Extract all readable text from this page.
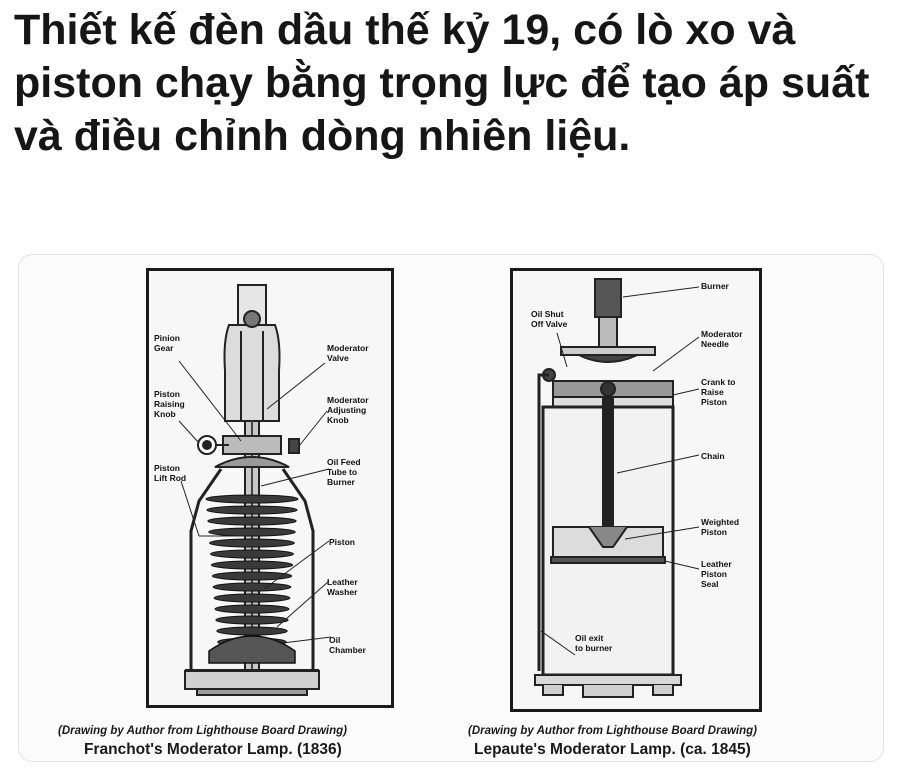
Thiết kế đèn dầu thế kỷ 19, có lò xo và piston chạy bằng trọng lực để tạo áp suất và điều chỉnh dòng nhiên liệu.
Pinion
Gear
Piston
Raising
Knob
Piston
Lift Rod
Moderator
Valve
Moderator
Adjusting
Knob
Oil Feed
Tube to
Burner
Piston
Leather
Washer
Oil
Chamber
Burner
Oil Shut
Off Valve
Moderator
Needle
Crank to
Raise
Piston
Chain
Weighted
Piston
Leather
Piston
Seal
Oil exit
to burner
(Drawing by Author from Lighthouse Board Drawing)
Franchot's Moderator Lamp. (1836)
(Drawing by Author from Lighthouse Board Drawing)
Lepaute's Moderator Lamp. (ca. 1845)
